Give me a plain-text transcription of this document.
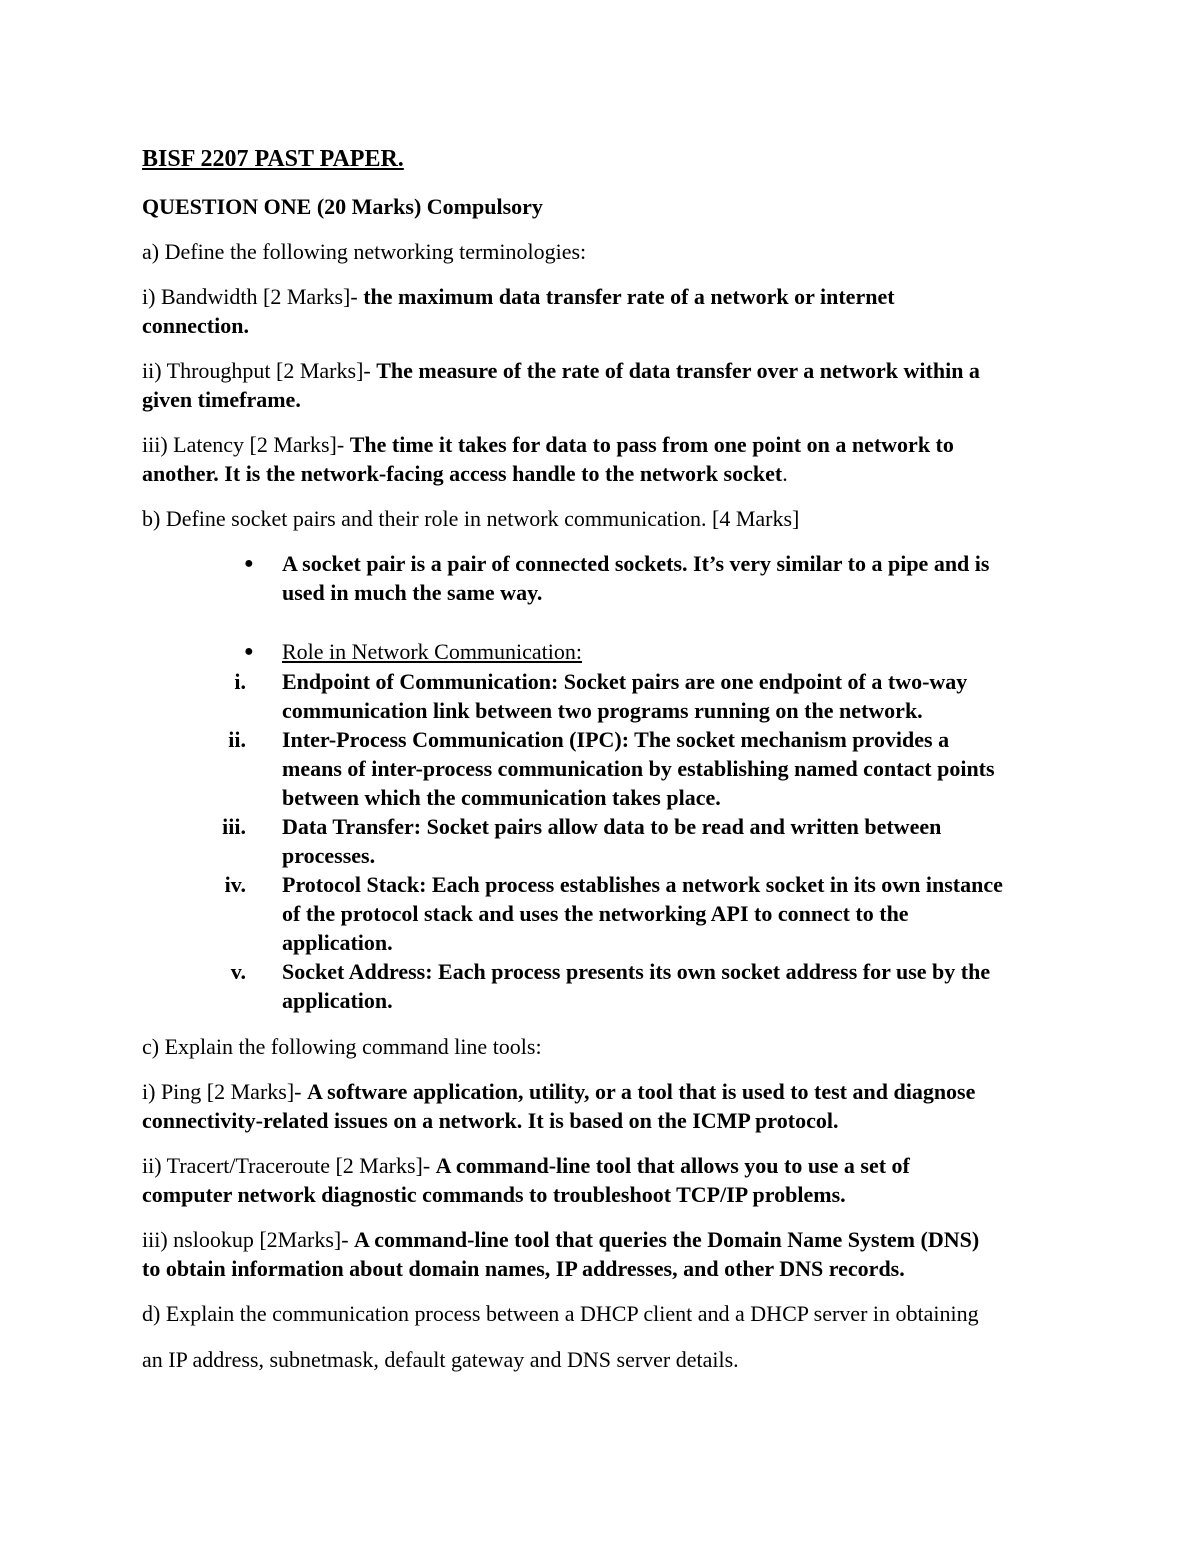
BISF 2207 PAST PAPER.
QUESTION ONE (20 Marks) Compulsory
a) Define the following networking terminologies:
i) Bandwidth [2 Marks]- the maximum data transfer rate of a network or internet
connection.
ii) Throughput [2 Marks]- The measure of the rate of data transfer over a network within a
given timeframe.
iii) Latency [2 Marks]- The time it takes for data to pass from one point on a network to
another. It is the network-facing access handle to the network socket.
b) Define socket pairs and their role in network communication. [4 Marks]
● A socket pair is a pair of connected sockets. It’s very similar to a pipe and is
used in much the same way.
● Role in Network Communication:
i. Endpoint of Communication: Socket pairs are one endpoint of a two-way
communication link between two programs running on the network.
ii. Inter-Process Communication (IPC): The socket mechanism provides a
means of inter-process communication by establishing named contact points
between which the communication takes place.
iii. Data Transfer: Socket pairs allow data to be read and written between
processes.
iv. Protocol Stack: Each process establishes a network socket in its own instance
of the protocol stack and uses the networking API to connect to the
application.
v. Socket Address: Each process presents its own socket address for use by the
application.
c) Explain the following command line tools:
i) Ping [2 Marks]- A software application, utility, or a tool that is used to test and diagnose
connectivity-related issues on a network. It is based on the ICMP protocol.
ii) Tracert/Traceroute [2 Marks]- A command-line tool that allows you to use a set of
computer network diagnostic commands to troubleshoot TCP/IP problems.
iii) nslookup [2Marks]- A command-line tool that queries the Domain Name System (DNS)
to obtain information about domain names, IP addresses, and other DNS records.
d) Explain the communication process between a DHCP client and a DHCP server in obtaining
an IP address, subnetmask, default gateway and DNS server details.
